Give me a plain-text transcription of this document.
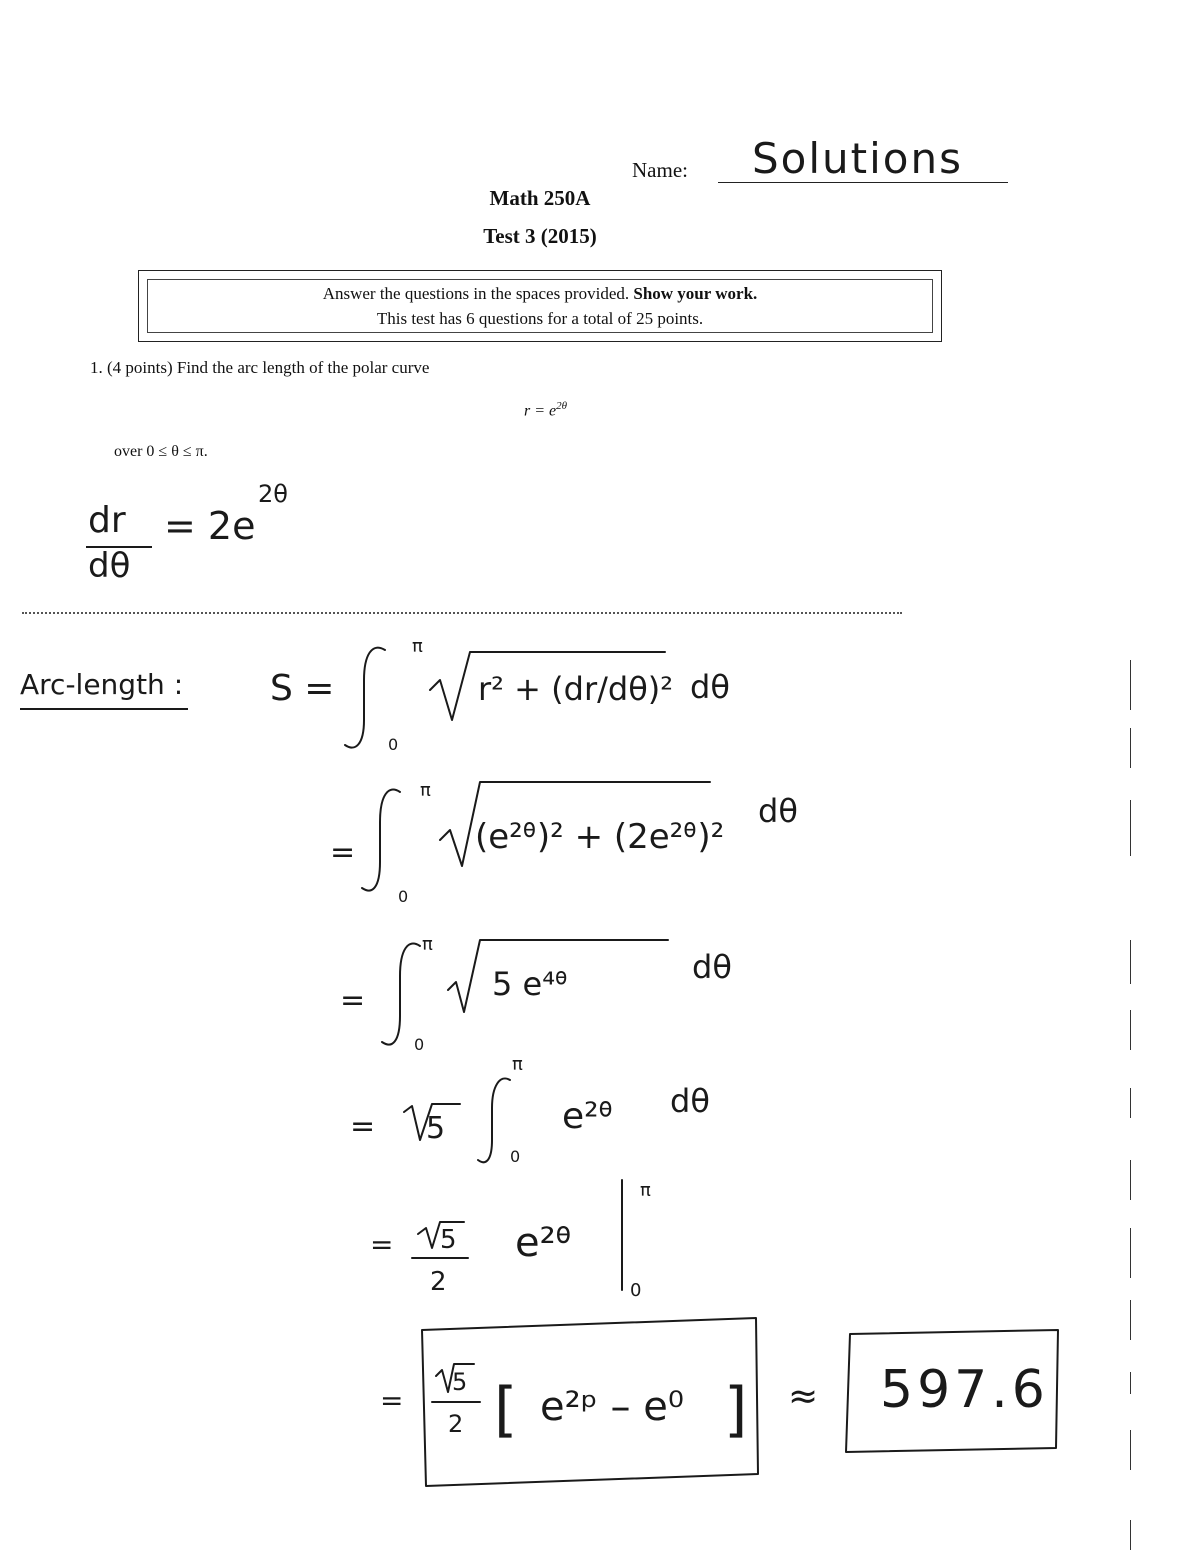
Name: Solutions
Math 250A
Test 3 (2015)
Answer the questions in the spaces provided. Show your work.
This test has 6 questions for a total of 25 points.
1. (4 points) Find the arc length of the polar curve
$r = e^{2\theta}$
over 0 ≤ θ ≤ π.
dr
dθ
= 2e
2θ
Arc-length : S =
π
0
r² + (dr/dθ)² dθ
=
π
0
(e²ᶿ)² + (2e²ᶿ)²
dθ
=
π
0
5 e⁴ᶿ	dθ
= 5
π
0
e²ᶿ dθ
= 5
2
e²ᶿ
π
0
=
5
2 [ e²ᵖ – e⁰ ] ≈ 597.6
